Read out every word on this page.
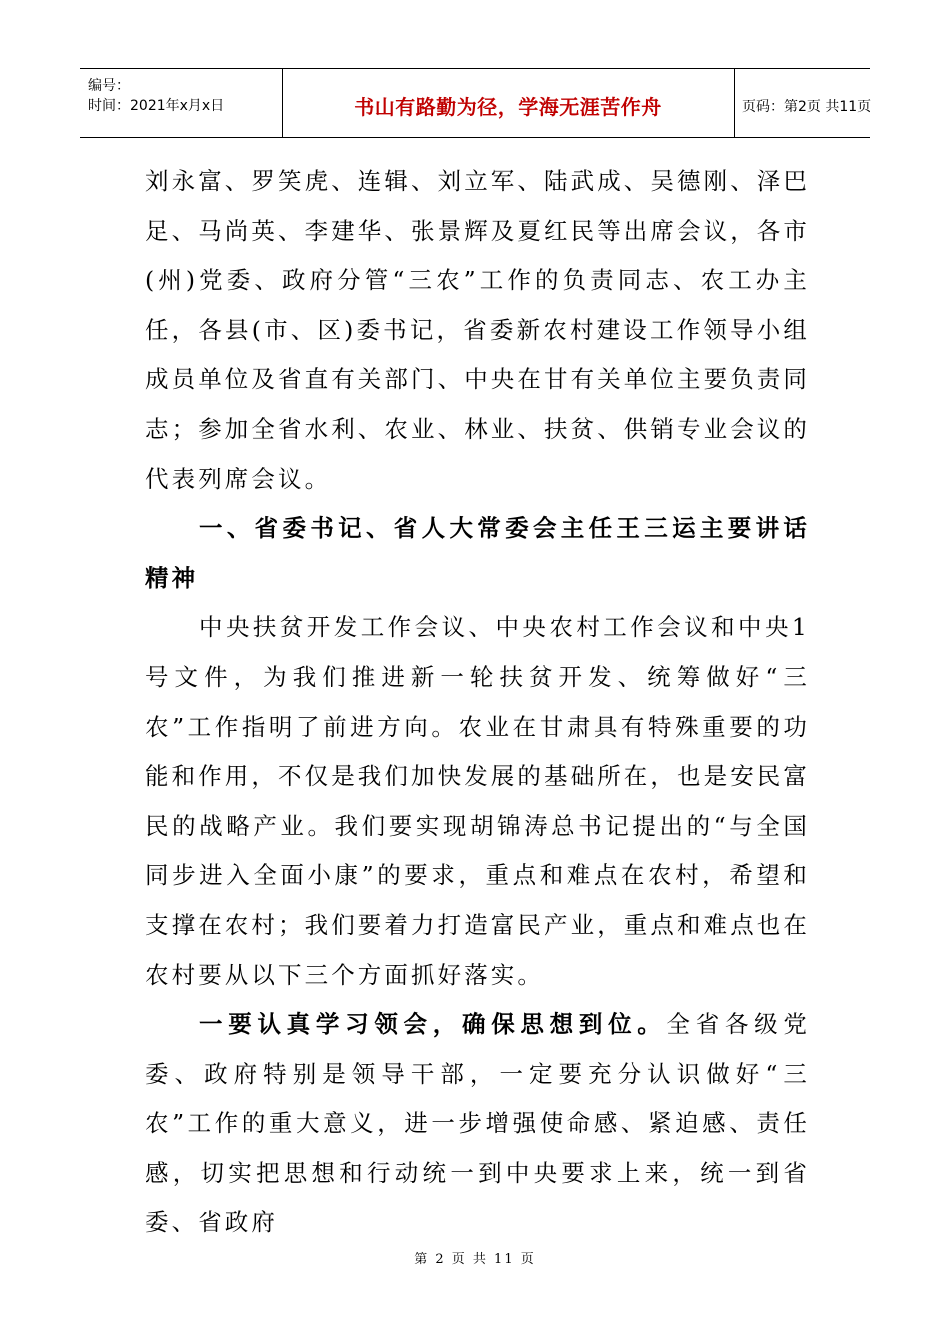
编号：
时间：2021年x月x日	书山有路勤为径，学海无涯苦作舟	页码：第2页 共11页

刘永富、罗笑虎、连辑、刘立军、陆武成、吴德刚、泽巴足、马尚英、李建华、张景辉及夏红民等出席会议，各市(州)党委、政府分管“三农”工作的负责同志、农工办主任，各县(市、区)委书记，省委新农村建设工作领导小组成员单位及省直有关部门、中央在甘有关单位主要负责同志；参加全省水利、农业、林业、扶贫、供销专业会议的代表列席会议。

一、省委书记、省人大常委会主任王三运主要讲话精神

中央扶贫开发工作会议、中央农村工作会议和中央1号文件，为我们推进新一轮扶贫开发、统筹做好“三农”工作指明了前进方向。农业在甘肃具有特殊重要的功能和作用，不仅是我们加快发展的基础所在，也是安民富民的战略产业。我们要实现胡锦涛总书记提出的“与全国同步进入全面小康”的要求，重点和难点在农村，希望和支撑在农村；我们要着力打造富民产业，重点和难点也在农村要从以下三个方面抓好落实。

一要认真学习领会，确保思想到位。全省各级党委、政府特别是领导干部，一定要充分认识做好“三农”工作的重大意义，进一步增强使命感、紧迫感、责任感，切实把思想和行动统一到中央要求上来，统一到省委、省政府

第 2 页 共 11 页
